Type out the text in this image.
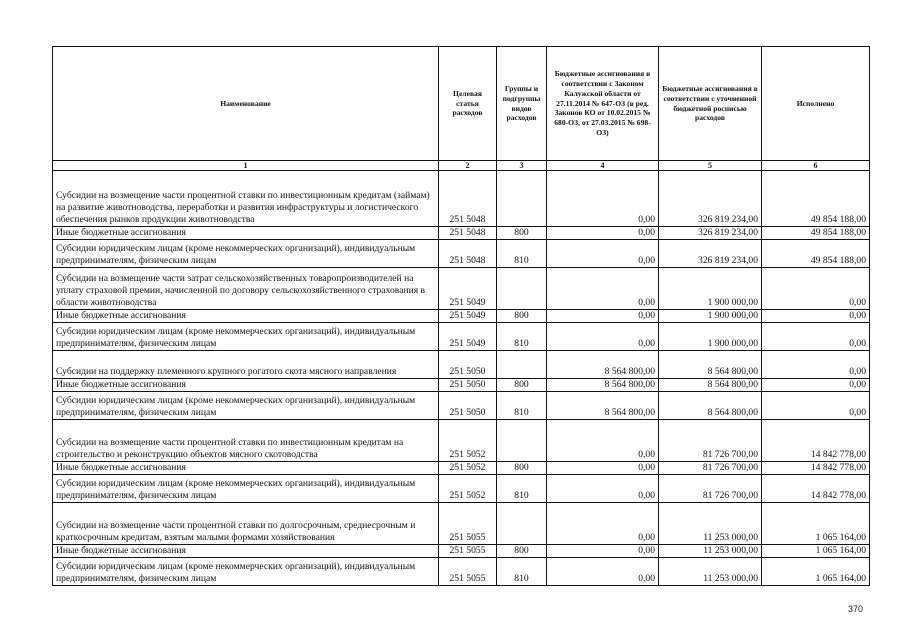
Наименование	Целевая статья расходов	Группы и подгруппы видов расходов	Бюджетные ассигнования в соответствии с Законом Калужской области от 27.11.2014 № 647-ОЗ (в ред. Законов КО от 10.02.2015 № 680-ОЗ, от 27.03.2015 № 698-ОЗ)	Бюджетные ассигнования в соответствии с уточненной бюджетной росписью расходов	Исполнено
1	2	3	4	5	6
Субсидии на возмещение части процентной ставки по инвестиционным кредитам (займам) на развитие животноводства, переработки и развития инфраструктуры и логистического обеспечения рынков продукции животноводства	251 5048		0,00	326 819 234,00	49 854 188,00
Иные бюджетные ассигнования	251 5048	800	0,00	326 819 234,00	49 854 188,00
Субсидии юридическим лицам (кроме некоммерческих организаций), индивидуальным предпринимателям, физическим лицам	251 5048	810	0,00	326 819 234,00	49 854 188,00
Субсидии на возмещение части затрат сельскохозяйственных товаропроизводителей на уплату страховой премии, начисленной по договору сельскохозяйственного страхования в области животноводства	251 5049		0,00	1 900 000,00	0,00
Иные бюджетные ассигнования	251 5049	800	0,00	1 900 000,00	0,00
Субсидии юридическим лицам (кроме некоммерческих организаций), индивидуальным предпринимателям, физическим лицам	251 5049	810	0,00	1 900 000,00	0,00
Субсидии на поддержку племенного крупного рогатого скота мясного направления	251 5050		8 564 800,00	8 564 800,00	0,00
Иные бюджетные ассигнования	251 5050	800	8 564 800,00	8 564 800,00	0,00
Субсидии юридическим лицам (кроме некоммерческих организаций), индивидуальным предпринимателям, физическим лицам	251 5050	810	8 564 800,00	8 564 800,00	0,00
Субсидии на возмещение части процентной ставки по инвестиционным кредитам на строительство и реконструкцию объектов мясного скотоводства	251 5052		0,00	81 726 700,00	14 842 778,00
Иные бюджетные ассигнования	251 5052	800	0,00	81 726 700,00	14 842 778,00
Субсидии юридическим лицам (кроме некоммерческих организаций), индивидуальным предпринимателям, физическим лицам	251 5052	810	0,00	81 726 700,00	14 842 778,00
Субсидии на возмещение части процентной ставки по долгосрочным, среднесрочным и краткосрочным кредитам, взятым малыми формами хозяйствования	251 5055		0,00	11 253 000,00	1 065 164,00
Иные бюджетные ассигнования	251 5055	800	0,00	11 253 000,00	1 065 164,00
Субсидии юридическим лицам (кроме некоммерческих организаций), индивидуальным предпринимателям, физическим лицам	251 5055	810	0,00	11 253 000,00	1 065 164,00
370
